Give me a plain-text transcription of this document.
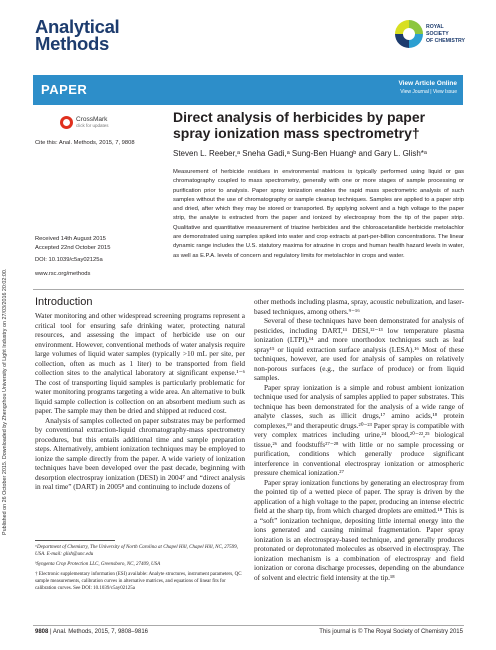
Published on 26 October 2015. Downloaded by Zhengzhou University of Light Industry on 27/03/2016 20:02:00.
Analytical
Methods
ROYAL SOCIETY
OF CHEMISTRY
PAPER	View Article Online
View Journal | View Issue
CrossMark
click for updates
Cite this: Anal. Methods, 2015, 7, 9808
Direct analysis of herbicides by paper spray ionization mass spectrometry†
Steven L. Reeber,ᵃ Sneha Gadi,ᵃ Sung-Ben Huangᵇ and Gary L. Glish*ᵃ
Measurement of herbicide residues in environmental matrices is typically performed using liquid or gas chromatography coupled to mass spectrometry, generally with one or more stages of sample processing or purification prior to analysis. Paper spray ionization enables the rapid mass spectrometric analysis of such samples without the use of chromatography or sample cleanup techniques. Samples are applied to a paper strip and dried, after which they may be stored or transported. By applying solvent and a high voltage to the paper strip, the analyte is extracted from the paper and ionized by electrospray from the tip of the paper strip. Qualitative and quantitative measurement of triazine herbicides and the chloroacetanilide herbicide metolachlor are demonstrated using samples spiked into water and crop extracts at part-per-billion concentrations. The linear dynamic range includes the U.S. statutory maxima for atrazine in crops and human health hazard levels in water, as well as E.P.A. levels of concern and regulatory limits for metolachlor in crops and water.
Received 14th August 2015
Accepted 22nd October 2015
DOI: 10.1039/c5ay02125a
www.rsc.org/methods
Introduction

Water monitoring and other widespread screening programs represent a critical tool for ensuring safe drinking water, protecting natural resources, and assessing the impact of herbicide use on our environment. However, conventional methods of water analysis require large volumes of liquid water samples (typically >10 mL per site, per collection, often as much as 1 liter) to be transported from field collection sites to the analytical laboratory at significant expense.¹⁻⁶ The cost of transporting liquid samples is particularly problematic for water monitoring programs targeting a wide area. An alternative to bulk liquid sample collection is collection on an absorbent medium such as paper. The sample may then be dried and shipped at reduced cost.

Analysis of samples collected on paper substrates may be performed by conventional extraction-liquid chromatography-mass spectrometry procedures, but this entails additional time and sample preparation steps. Alternatively, ambient ionization techniques may be employed to ionize the sample directly from the paper. A wide variety of ionization techniques have been developed over the past decade, beginning with desorption electrospray ionization (DESI) in 2004⁷ and “direct analysis in real time” (DART) in 2005⁸ and continuing to include dozens of

other methods including plasma, spray, acoustic nebulization, and laser-based techniques, among others.⁹⁻¹⁶

Several of these techniques have been demonstrated for analysis of pesticides, including DART,¹¹ DESI,¹²⁻¹³ low temperature plasma ionization (LTPI),¹⁴ and more unorthodox techniques such as leaf spray¹⁵ or liquid extraction surface analysis (LESA).¹⁶ Most of these techniques, however, are used for analysis of samples on relatively non-porous surfaces (e.g., the surface of produce) or from liquid samples.

Paper spray ionization is a simple and robust ambient ionization technique used for analysis of samples applied to paper substrates. This technique has been demonstrated for the analysis of a wide range of analyte classes, such as illicit drugs,¹⁷ amino acids,¹⁸ protein complexes,¹⁹ and therapeutic drugs.²⁰⁻²³ Paper spray is compatible with very complex matrices including urine,²⁴ blood,²⁰⁻²²,²⁵ biological tissue,²⁶ and foodstuffs²⁷⁻²⁸ with little or no sample processing or purification, conditions which generally produce significant interference in conventional electrospray ionization or atmospheric pressure chemical ionization.²⁷

Paper spray ionization functions by generating an electrospray from the pointed tip of a wetted piece of paper. The spray is driven by the application of a high voltage to the paper, producing an intense electric field at the sharp tip, from which charged droplets are emitted.¹⁸ This is a “soft” ionization technique, depositing little internal energy into the ions generated and causing minimal fragmentation. Paper spray ionization is an electrospray-based technique, and generally produces protonated or deprotonated molecules as observed in electrospray. The ionization mechanism is a combination of electrospray and field ionization or corona discharge processes, depending on the abundance of solvent and electric field intensity at the tip.¹⁸

ᵃDepartment of Chemistry, The University of North Carolina at Chapel Hill, Chapel Hill, NC, 27599, USA. E-mail: glish@unc.edu

ᵇSyngenta Crop Protection LLC, Greensboro, NC, 27409, USA

† Electronic supplementary information (ESI) available: Analyte structures, instrument parameters, QC sample measurements, calibration curves in alternative matrices, and equations of linear fits for calibration curves. See DOI: 10.1039/c5ay02125a

9808 | Anal. Methods, 2015, 7, 9808–9816	This journal is © The Royal Society of Chemistry 2015
